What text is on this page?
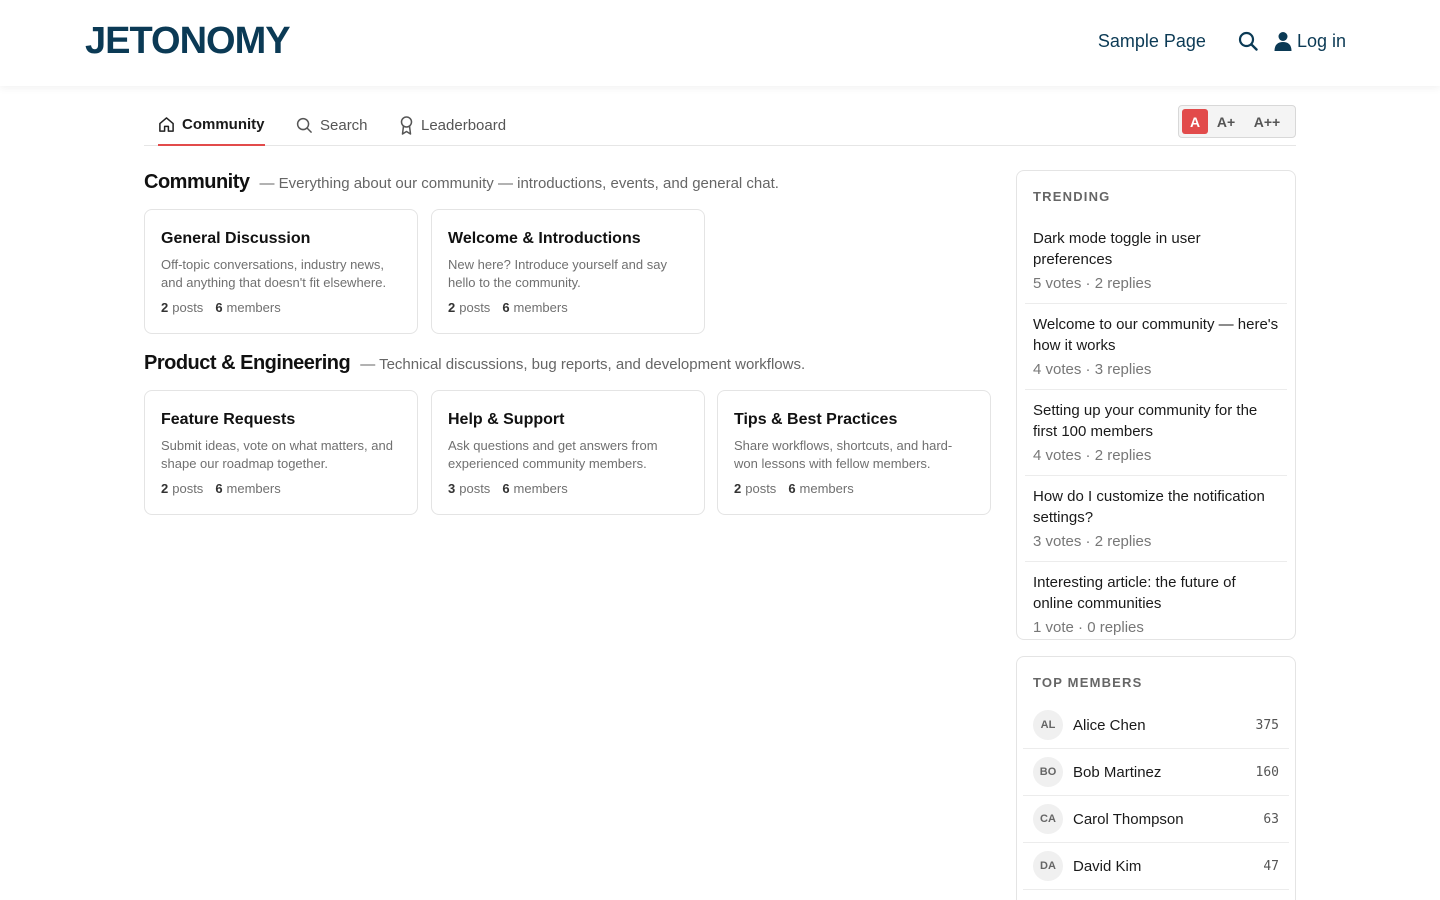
JETONOMY	Sample Page	Log in
Community	Search	Leaderboard	A	A+	A++
Community — Everything about our community — introductions, events, and general chat.
General Discussion
Off-topic conversations, industry news, and anything that doesn't fit elsewhere.
2 posts 6 members
Welcome & Introductions
New here? Introduce yourself and say hello to the community.
2 posts 6 members
Product & Engineering — Technical discussions, bug reports, and development workflows.
Feature Requests
Submit ideas, vote on what matters, and shape our roadmap together.
2 posts 6 members
Help & Support
Ask questions and get answers from experienced community members.
3 posts 6 members
Tips & Best Practices
Share workflows, shortcuts, and hard-won lessons with fellow members.
2 posts 6 members
TRENDING
Dark mode toggle in user preferences
5 votes · 2 replies
Welcome to our community — here's how it works
4 votes · 3 replies
Setting up your community for the first 100 members
4 votes · 2 replies
How do I customize the notification settings?
3 votes · 2 replies
Interesting article: the future of online communities
1 vote · 0 replies
TOP MEMBERS
AL	Alice Chen	375
BO	Bob Martinez	160
CA	Carol Thompson	63
DA	David Kim	47
